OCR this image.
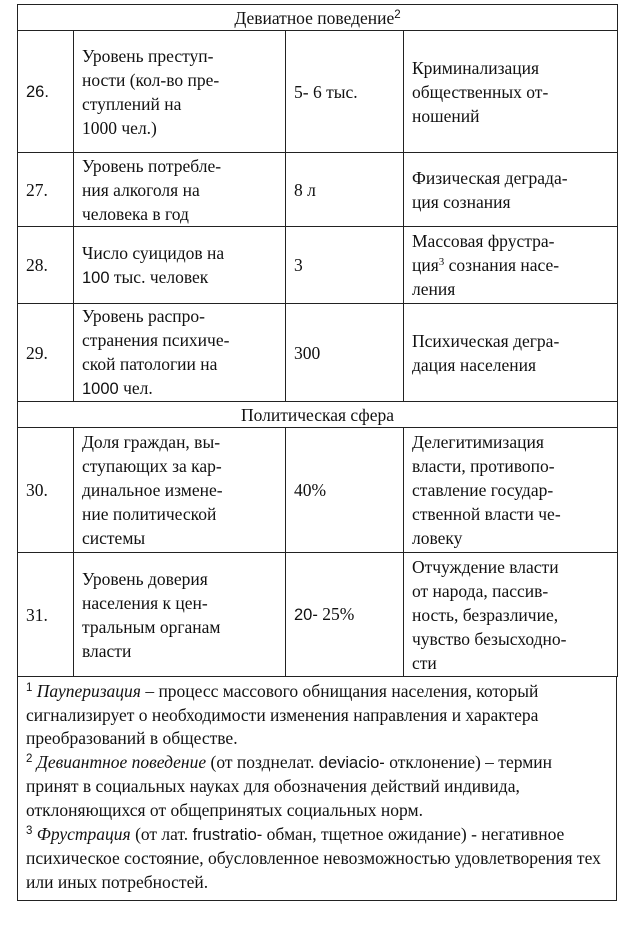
Девиатное поведение$^2$
26.	Уровень преступ-
ности (кол-во пре-
ступлений на
1000 чел.)	5- 6 тыс.	Криминализация
общественных от-
ношений
27.	Уровень потребле-
ния алкоголя на
человека в год	8 л	Физическая деграда-
ция сознания
28.	Число суицидов на
100 тыс. человек	3	Массовая фрустра-
ция$^3$ сознания насе-
ления
29.	Уровень распро-
странения психиче-
ской патологии на
1000 чел.	300	Психическая дегра-
дация населения
Политическая сфера			
30.	Доля граждан, вы-
ступающих за кар-
динальное измене-
ние политической
системы	40%	Делегитимизация
власти, противопо-
ставление государ-
ственной власти че-
ловеку
31.	Уровень доверия
населения к цен-
тральным органам
власти	20- 25%	Отчуждение власти
от народа, пассив-
ность, безразличие,
чувство безысходно-
сти
$^1$ Пауперизация – процесс массового обнищания населения, который сигнализирует о необходимости изменения направления и характера преобразований в обществе.
$^2$ Девиантное поведение (от позднелат. deviacio- отклонение) – термин принят в социальных науках для обозначения действий индивида, отклоняющихся от общепринятых социальных норм.
$^3$ Фрустрация (от лат. frustratio- обман, тщетное ожидание) - негативное психическое состояние, обусловленное невозможностью удовлетворения тех или иных потребностей.
